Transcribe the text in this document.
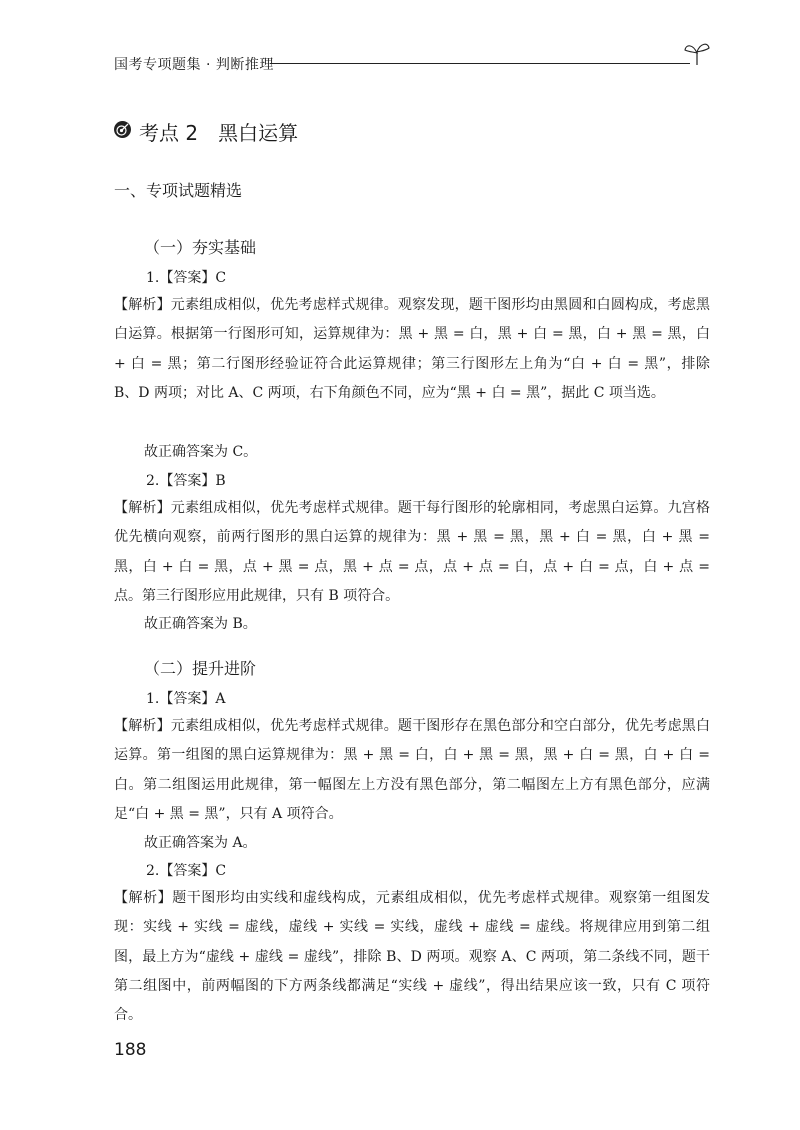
国考专项题集 · 判断推理
考点 2　黑白运算
一、专项试题精选
（一）夯实基础
1.【答案】C
【解析】元素组成相似，优先考虑样式规律。观察发现，题干图形均由黑圆和白圆构成，考虑黑白运算。根据第一行图形可知，运算规律为：黑 + 黑 = 白，黑 + 白 = 黑，白 + 黑 = 黑，白 + 白 = 黑；第二行图形经验证符合此运算规律；第三行图形左上角为“白 + 白 = 黑”，排除 B、D 两项；对比 A、C 两项，右下角颜色不同，应为“黑 + 白 = 黑”，据此 C 项当选。
故正确答案为 C。
2.【答案】B
【解析】元素组成相似，优先考虑样式规律。题干每行图形的轮廓相同，考虑黑白运算。九宫格优先横向观察，前两行图形的黑白运算的规律为：黑 + 黑 = 黑，黑 + 白 = 黑，白 + 黑 = 黑，白 + 白 = 黑，点 + 黑 = 点，黑 + 点 = 点，点 + 点 = 白，点 + 白 = 点，白 + 点 = 点。第三行图形应用此规律，只有 B 项符合。
故正确答案为 B。
（二）提升进阶
1.【答案】A
【解析】元素组成相似，优先考虑样式规律。题干图形存在黑色部分和空白部分，优先考虑黑白运算。第一组图的黑白运算规律为：黑 + 黑 = 白，白 + 黑 = 黑，黑 + 白 = 黑，白 + 白 = 白。第二组图运用此规律，第一幅图左上方没有黑色部分，第二幅图左上方有黑色部分，应满足“白 + 黑 = 黑”，只有 A 项符合。
故正确答案为 A。
2.【答案】C
【解析】题干图形均由实线和虚线构成，元素组成相似，优先考虑样式规律。观察第一组图发现：实线 + 实线 = 虚线，虚线 + 实线 = 实线，虚线 + 虚线 = 虚线。将规律应用到第二组图，最上方为“虚线 + 虚线 = 虚线”，排除 B、D 两项。观察 A、C 两项，第二条线不同，题干第二组图中，前两幅图的下方两条线都满足“实线 + 虚线”，得出结果应该一致，只有 C 项符合。
188
